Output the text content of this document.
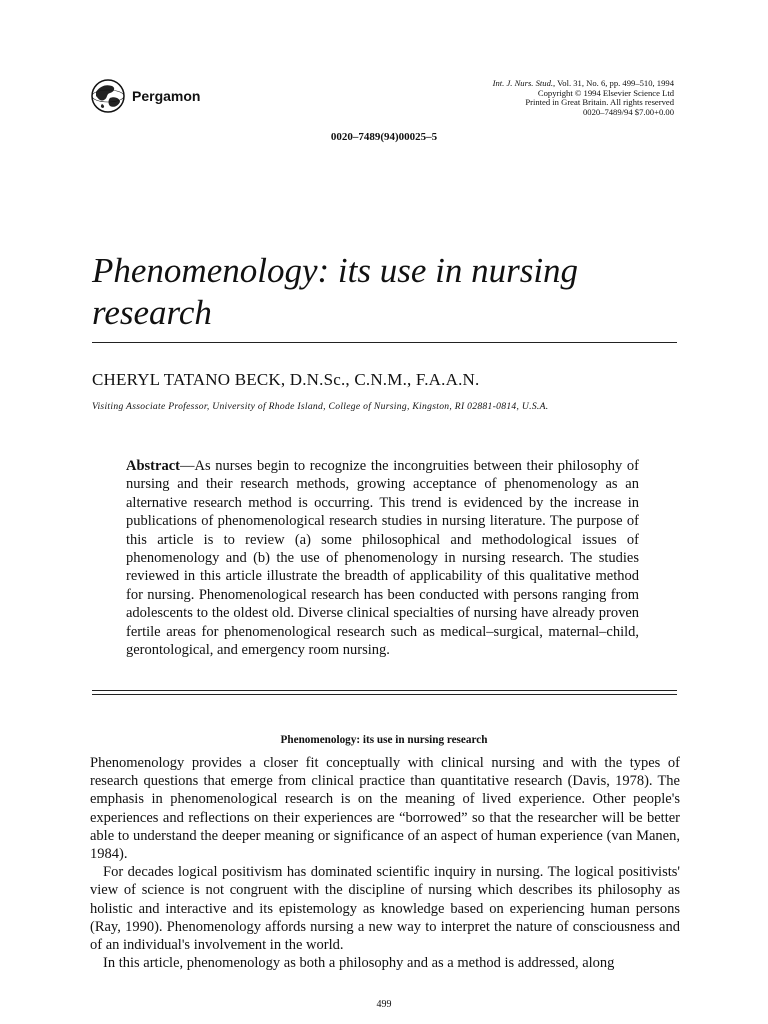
Pergamon
Int. J. Nurs. Stud., Vol. 31, No. 6, pp. 499–510, 1994
Copyright © 1994 Elsevier Science Ltd
Printed in Great Britain. All rights reserved
0020–7489/94 $7.00+0.00
0020–7489(94)00025–5
Phenomenology: its use in nursing research
CHERYL TATANO BECK, D.N.Sc., C.N.M., F.A.A.N.
Visiting Associate Professor, University of Rhode Island, College of Nursing, Kingston, RI 02881-0814, U.S.A.

Abstract—As nurses begin to recognize the incongruities between their philosophy of nursing and their research methods, growing acceptance of phenomenology as an alternative research method is occurring. This trend is evidenced by the increase in publications of phenomenological research studies in nursing literature. The purpose of this article is to review (a) some philosophical and methodological issues of phenomenology and (b) the use of phenomenology in nursing research. The studies reviewed in this article illustrate the breadth of applicability of this qualitative method for nursing. Phenomenological research has been conducted with persons ranging from adolescents to the oldest old. Diverse clinical specialties of nursing have already proven fertile areas for phenomenological research such as medical–surgical, maternal–child, gerontological, and emergency room nursing.

Phenomenology: its use in nursing research

Phenomenology provides a closer fit conceptually with clinical nursing and with the types of research questions that emerge from clinical practice than quantitative research (Davis, 1978). The emphasis in phenomenological research is on the meaning of lived experience. Other people's experiences and reflections on their experiences are “borrowed” so that the researcher will be better able to understand the deeper meaning or significance of an aspect of human experience (van Manen, 1984).

For decades logical positivism has dominated scientific inquiry in nursing. The logical positivists' view of science is not congruent with the discipline of nursing which describes its philosophy as holistic and interactive and its epistemology as knowledge based on experiencing human persons (Ray, 1990). Phenomenology affords nursing a new way to interpret the nature of consciousness and of an individual's involvement in the world.

In this article, phenomenology as both a philosophy and as a method is addressed, along

499
